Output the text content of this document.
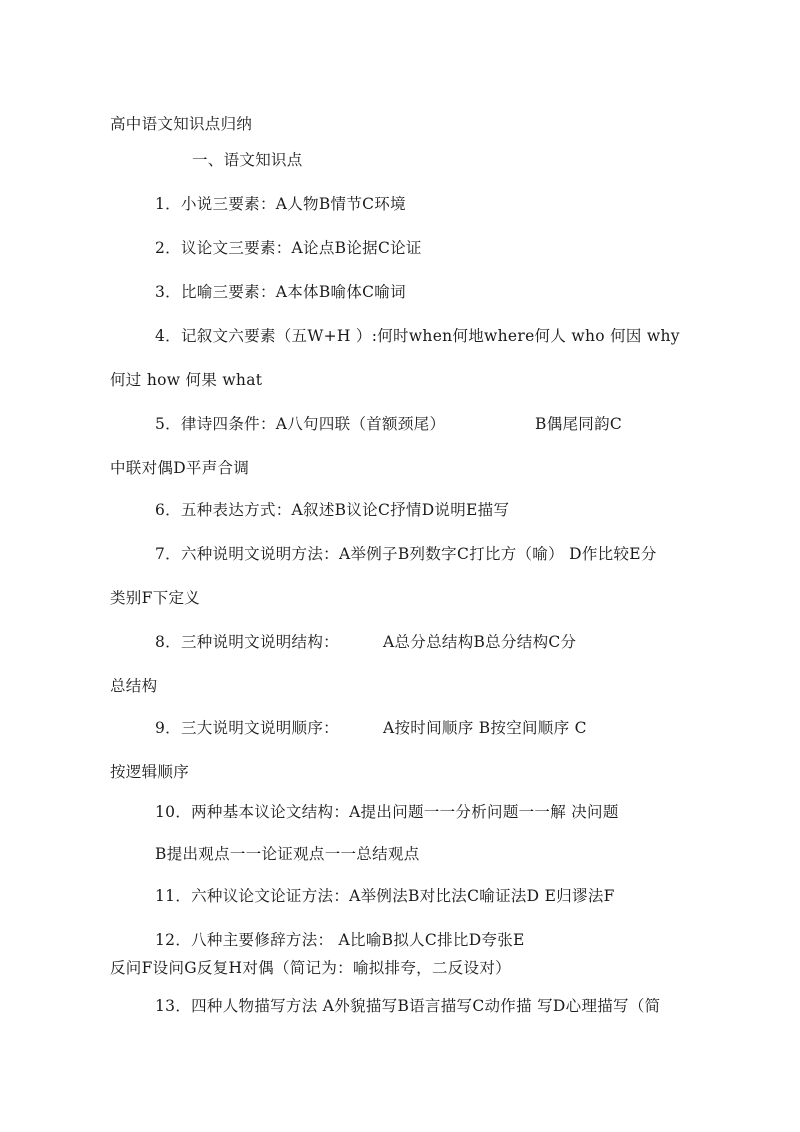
高中语文知识点归纳
一、语文知识点
1．小说三要素：A人物B情节C环境
2．议论文三要素：A论点B论据C论证
3．比喻三要素：A本体B喻体C喻词
4．记叙文六要素（五W+H ）:何时when何地where何人 who 何因 why
何过 how 何果 what
5．律诗四条件：A八句四联（首额颈尾）	B偶尾同韵C
中联对偶D平声合调
6．五种表达方式：A叙述B议论C抒情D说明E描写
7．六种说明文说明方法：A举例子B列数字C打比方（喻） D作比较E分
类别F下定义
8．三种说明文说明结构：	A总分总结构B总分结构C分
总结构
9．三大说明文说明顺序：	A按时间顺序 B按空间顺序 C
按逻辑顺序
10．两种基本议论文结构：A提出问题一一分析问题一一解 决问题
B提出观点一一论证观点一一总结观点
11．六种议论文论证方法：A举例法B对比法C喻证法D E归谬法F
12．八种主要修辞方法： A比喻B拟人C排比D夸张E
反问F设问G反复H对偶（简记为：喻拟排夸，二反设对）
13．四种人物描写方法 A外貌描写B语言描写C动作描 写D心理描写（简
